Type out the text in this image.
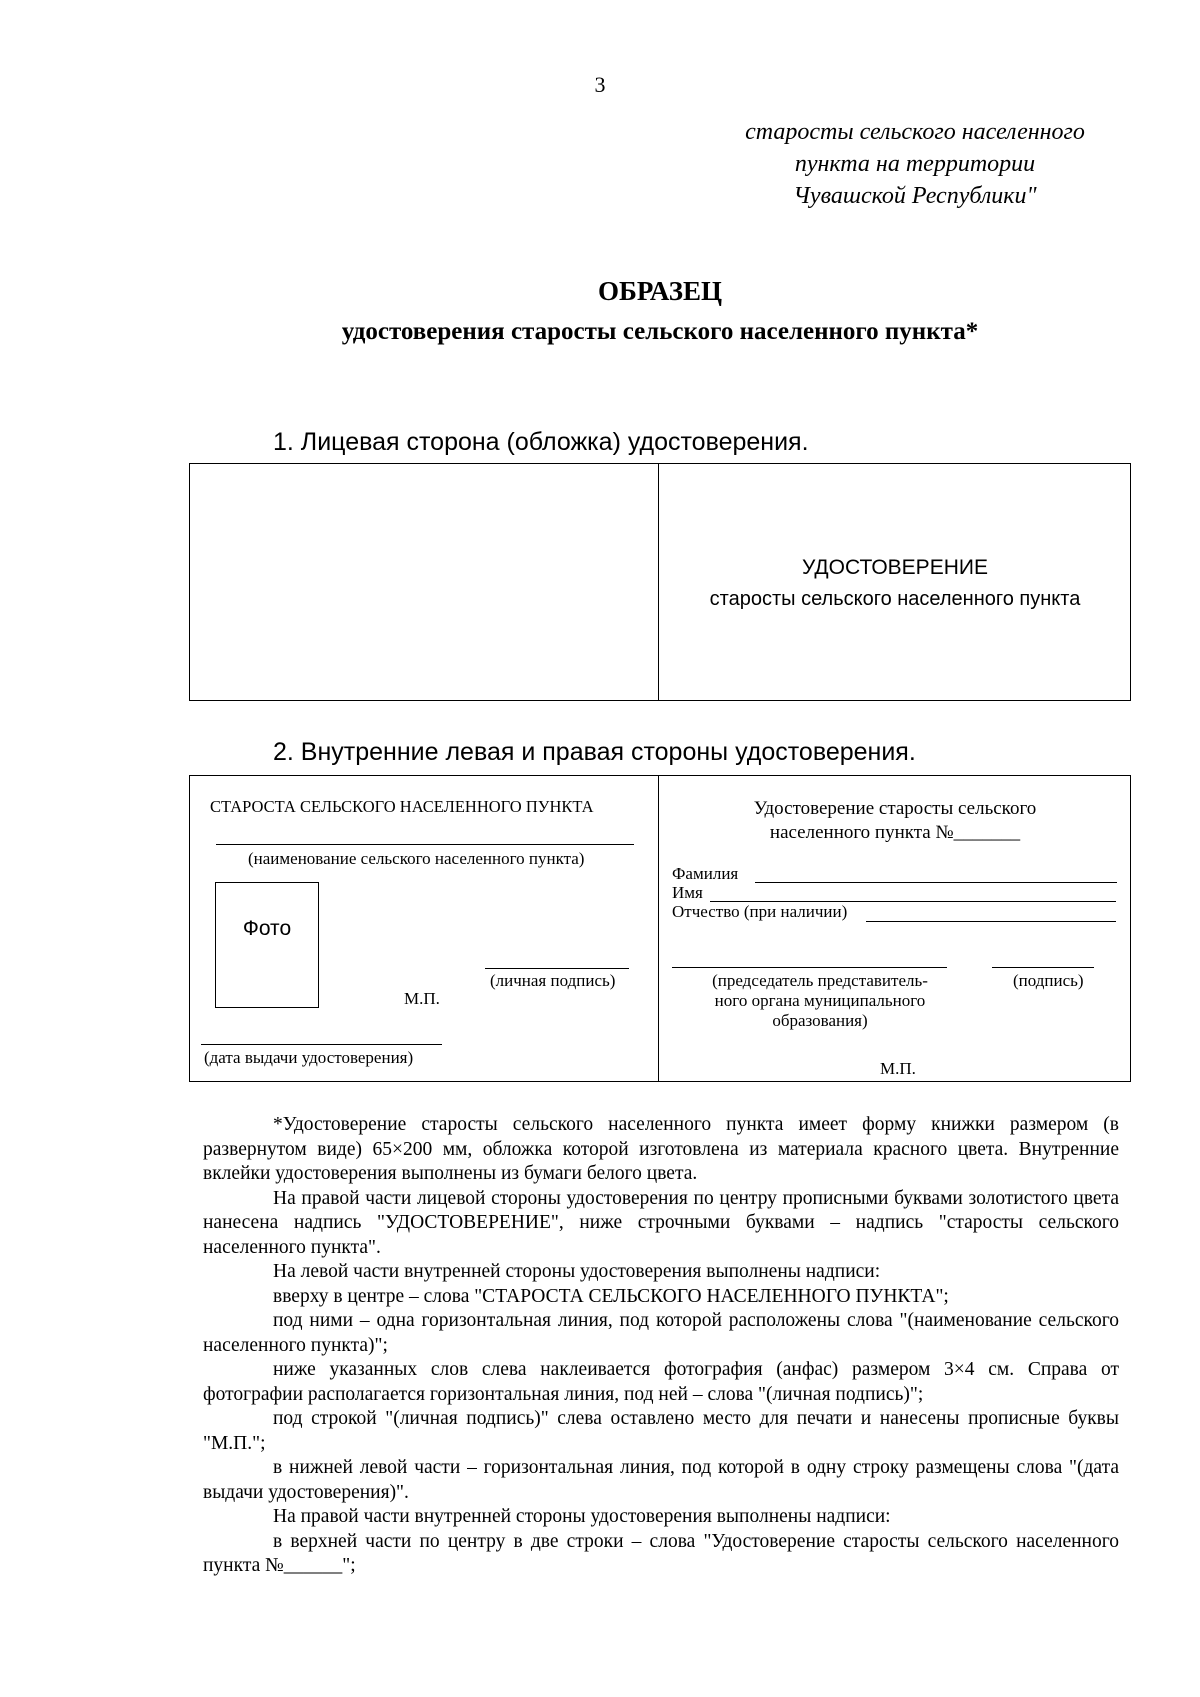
3
старосты сельского населенного
пункта на территории
Чувашской Республики"
ОБРАЗЕЦ
удостоверения старосты сельского населенного пункта*
1. Лицевая сторона (обложка) удостоверения.
УДОСТОВЕРЕНИЕ
старосты сельского населенного пункта
2. Внутренние левая и правая стороны удостоверения.
СТАРОСТА СЕЛЬСКОГО НАСЕЛЕННОГО ПУНКТА
(наименование сельского населенного пункта)
Фото
(личная подпись)
М.П.
(дата выдачи удостоверения)
Удостоверение старосты сельского
населенного пункта №_______
Фамилия
Имя
Отчество (при наличии)
(председатель представитель-
ного органа муниципального
образования)
(подпись)
М.П.

*Удостоверение старосты сельского населенного пункта имеет форму книжки размером (в развернутом виде) 65×200 мм, обложка которой изготовлена из материала красного цвета. Внутренние вклейки удостоверения выполнены из бумаги белого цвета.

На правой части лицевой стороны удостоверения по центру прописными буквами золотистого цвета нанесена надпись "УДОСТОВЕРЕНИЕ", ниже строчными буквами – надпись "старосты сельского населенного пункта".

На левой части внутренней стороны удостоверения выполнены надписи:

вверху в центре – слова "СТАРОСТА СЕЛЬСКОГО НАСЕЛЕННОГО ПУНКТА";

под ними – одна горизонтальная линия, под которой расположены слова "(наименование сельского населенного пункта)";

ниже указанных слов слева наклеивается фотография (анфас) размером 3×4 см. Справа от фотографии располагается горизонтальная линия, под ней – слова "(личная подпись)";

под строкой "(личная подпись)" слева оставлено место для печати и нанесены прописные буквы "М.П.";

в нижней левой части – горизонтальная линия, под которой в одну строку размещены слова "(дата выдачи удостоверения)".

На правой части внутренней стороны удостоверения выполнены надписи:

в верхней части по центру в две строки – слова "Удостоверение старосты сельского населенного пункта №______";
